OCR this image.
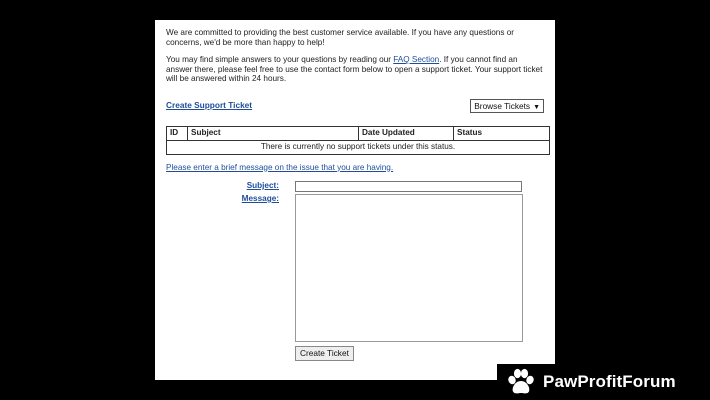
We are committed to providing the best customer service available. If you have any questions or concerns, we'd be more than happy to help!

You may find simple answers to your questions by reading our FAQ Section. If you cannot find an answer there, please feel free to use the contact form below to open a support ticket. Your support ticket will be answered within 24 hours.

Create Support Ticket	Browse Tickets ▼
ID	Subject	Date Updated	Status
There is currently no support tickets under this status.
Please enter a brief message on the issue that you are having.
Subject:
Message:
Create Ticket
PawProfitForum
